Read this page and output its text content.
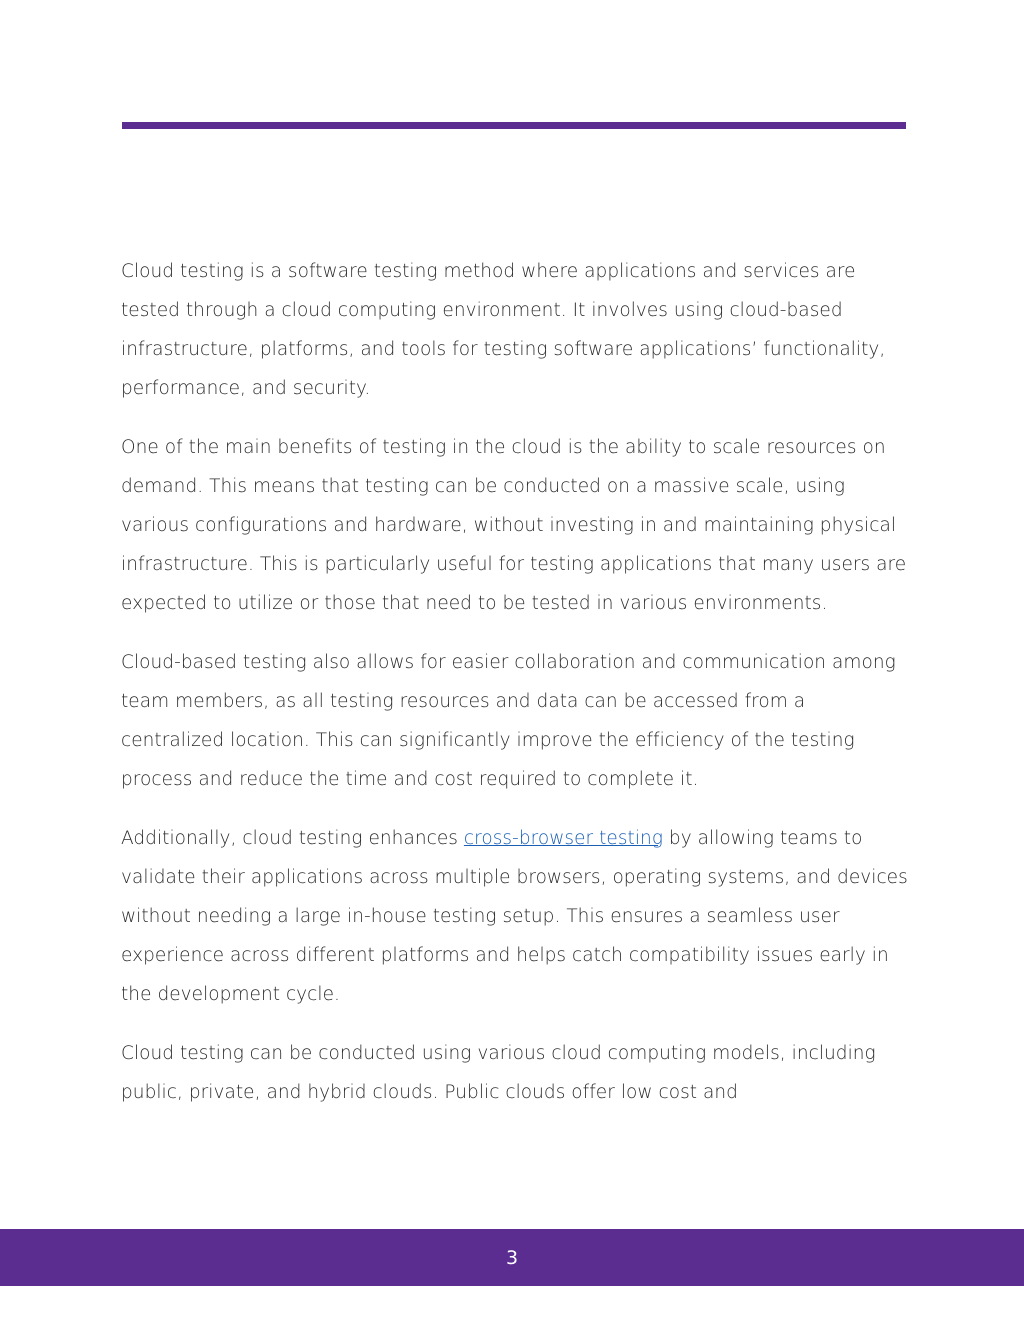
Cloud testing is a software testing method where applications and services are tested through a cloud computing environment. It involves using cloud-based infrastructure, platforms, and tools for testing software applications’ functionality, performance, and security.

One of the main benefits of testing in the cloud is the ability to scale resources on demand. This means that testing can be conducted on a massive scale, using various configurations and hardware, without investing in and maintaining physical infrastructure. This is particularly useful for testing applications that many users are expected to utilize or those that need to be tested in various environments.

Cloud-based testing also allows for easier collaboration and communication among team members, as all testing resources and data can be accessed from a centralized location. This can significantly improve the efficiency of the testing process and reduce the time and cost required to complete it.

Additionally, cloud testing enhances cross-browser testing by allowing teams to validate their applications across multiple browsers, operating systems, and devices without needing a large in-house testing setup. This ensures a seamless user experience across different platforms and helps catch compatibility issues early in the development cycle.

Cloud testing can be conducted using various cloud computing models, including public, private, and hybrid clouds. Public clouds offer low cost and

3
